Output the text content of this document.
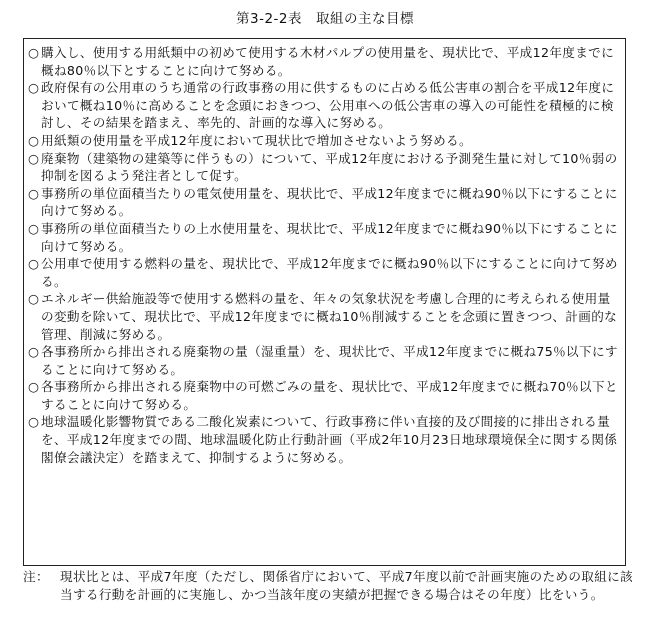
第3-2-2表　取組の主な目標
○ 購入し、使用する用紙類中の初めて使用する木材パルプの使用量を、現状比で、平成12年度までに概ね80％以下とすることに向けて努める。
○ 政府保有の公用車のうち通常の行政事務の用に供するものに占める低公害車の割合を平成12年度において概ね10％に高めることを念頭におきつつ、公用車への低公害車の導入の可能性を積極的に検討し、その結果を踏まえ、率先的、計画的な導入に努める。
○ 用紙類の使用量を平成12年度において現状比で増加させないよう努める。
○ 廃棄物（建築物の建築等に伴うもの）について、平成12年度における予測発生量に対して10％弱の抑制を図るよう発注者として促す。
○ 事務所の単位面積当たりの電気使用量を、現状比で、平成12年度までに概ね90％以下にすることに向けて努める。
○ 事務所の単位面積当たりの上水使用量を、現状比で、平成12年度までに概ね90％以下にすることに向けて努める。
○ 公用車で使用する燃料の量を、現状比で、平成12年度までに概ね90％以下にすることに向けて努める。
○ エネルギー供給施設等で使用する燃料の量を、年々の気象状況を考慮し合理的に考えられる使用量の変動を除いて、現状比で、平成12年度までに概ね10％削減することを念頭に置きつつ、計画的な管理、削減に努める。
○ 各事務所から排出される廃棄物の量（湿重量）を、現状比で、平成12年度までに概ね75％以下にすることに向けて努める。
○ 各事務所から排出される廃棄物中の可燃ごみの量を、現状比で、平成12年度までに概ね70％以下とすることに向けて努める。
○ 地球温暖化影響物質である二酸化炭素について、行政事務に伴い直接的及び間接的に排出される量を、平成12年度までの間、地球温暖化防止行動計画（平成2年10月23日地球環境保全に関する関係閣僚会議決定）を踏まえて、抑制するように努める。
注： 現状比とは、平成7年度（ただし、関係省庁において、平成7年度以前で計画実施のための取組に該当する行動を計画的に実施し、かつ当該年度の実績が把握できる場合はその年度）比をいう。
